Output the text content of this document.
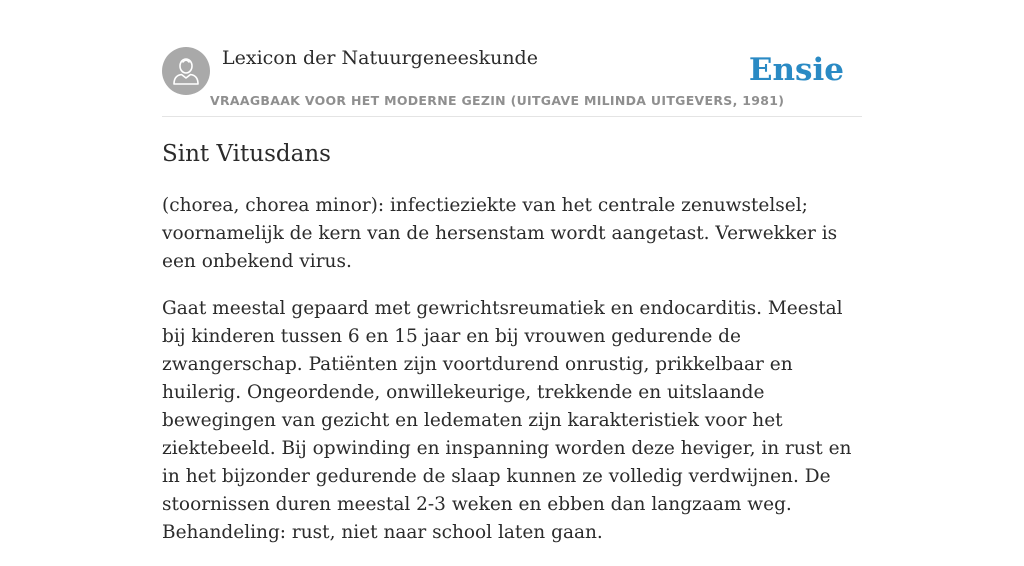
Lexicon der Natuurgeneeskunde
VRAAGBAAK VOOR HET MODERNE GEZIN (UITGAVE MILINDA UITGEVERS, 1981)
Ensie
Sint Vitusdans

(chorea, chorea minor): infectieziekte van het centrale zenuwstelsel; voornamelijk de kern van de hersenstam wordt aangetast. Verwekker is een onbekend virus.

Gaat meestal gepaard met gewrichtsreumatiek en endocarditis. Meestal bij kinderen tussen 6 en 15 jaar en bij vrouwen gedurende de zwangerschap. Patiënten zijn voortdurend onrustig, prikkelbaar en huilerig. Ongeordende, onwillekeurige, trekkende en uitslaande bewegingen van gezicht en ledematen zijn karakteristiek voor het ziektebeeld. Bij opwinding en inspanning worden deze heviger, in rust en in het bijzonder gedurende de slaap kunnen ze volledig verdwijnen. De stoornissen duren meestal 2-3 weken en ebben dan langzaam weg. Behandeling: rust, niet naar school laten gaan.
